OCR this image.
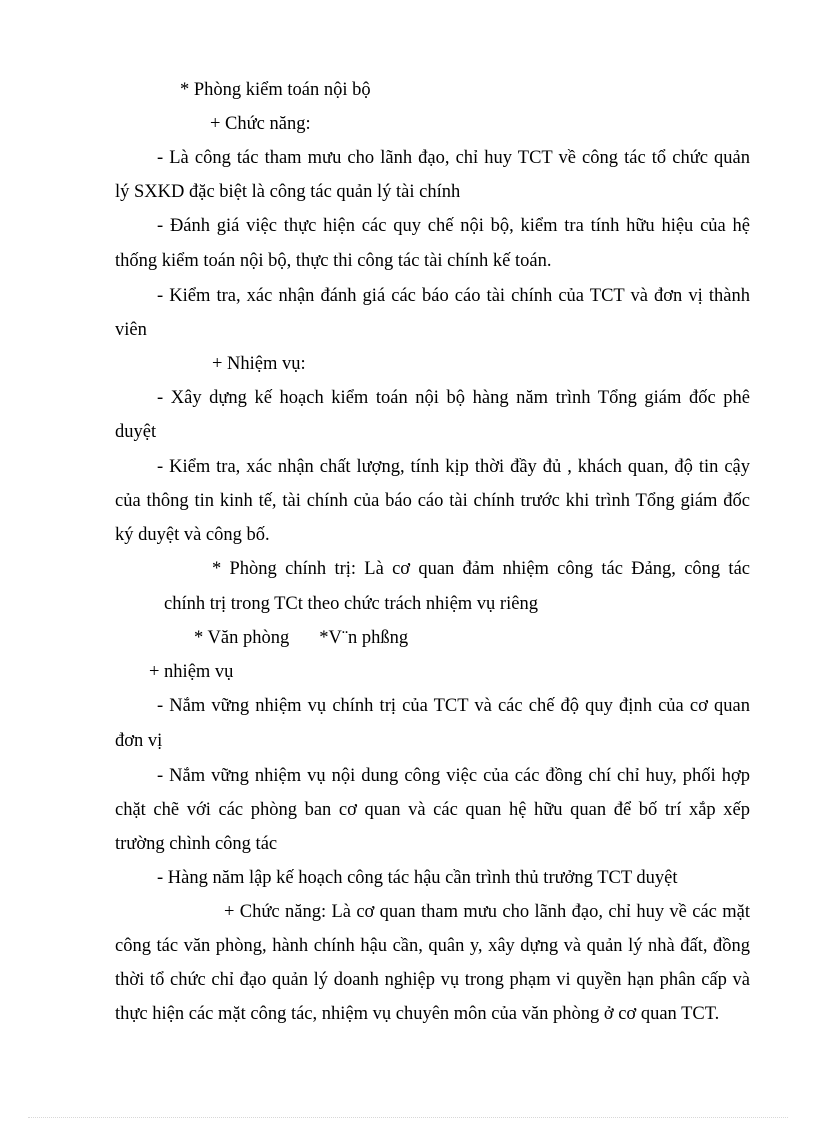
* Phòng kiểm toán nội bộ
+ Chức năng:
- Là công tác tham mưu cho lãnh đạo, chỉ huy TCT về công tác tổ chức quản
lý SXKD đặc biệt là công tác quản lý tài chính
- Đánh giá việc thực hiện các quy chế nội bộ, kiểm tra tính hữu hiệu của hệ
thống kiểm toán nội bộ, thực thi công tác tài chính kế toán.
- Kiểm tra, xác nhận đánh giá các báo cáo tài chính của TCT và đơn vị thành
viên
+ Nhiệm vụ:
- Xây dựng kế hoạch kiểm toán nội bộ hàng năm trình Tổng giám đốc phê
duyệt
- Kiểm tra, xác nhận chất lượng, tính kịp thời đầy đủ , khách quan, độ tin cậy
của thông tin kinh tế, tài chính của báo cáo tài chính trước khi trình Tổng giám đốc
ký duyệt và công bố.
* Phòng chính trị: Là cơ quan đảm nhiệm công tác Đảng, công tác
chính trị trong TCt theo chức trách nhiệm vụ riêng
* Văn phòng *V¨n phßng
+ nhiệm vụ
- Nắm vững nhiệm vụ chính trị của TCT và các chế độ quy định của cơ quan
đơn vị
- Nắm vững nhiệm vụ nội dung công việc của các đồng chí chỉ huy, phối hợp
chặt chẽ với các phòng ban cơ quan và các quan hệ hữu quan để bố trí xắp xếp
trường chình công tác
- Hàng năm lập kế hoạch công tác hậu cần trình thủ trưởng TCT duyệt
+ Chức năng: Là cơ quan tham mưu cho lãnh đạo, chỉ huy về các mặt
công tác văn phòng, hành chính hậu cần, quân y, xây dựng và quản lý nhà đất, đồng
thời tổ chức chỉ đạo quản lý doanh nghiệp vụ trong phạm vi quyền hạn phân cấp và
thực hiện các mặt công tác, nhiệm vụ chuyên môn của văn phòng ở cơ quan TCT.
